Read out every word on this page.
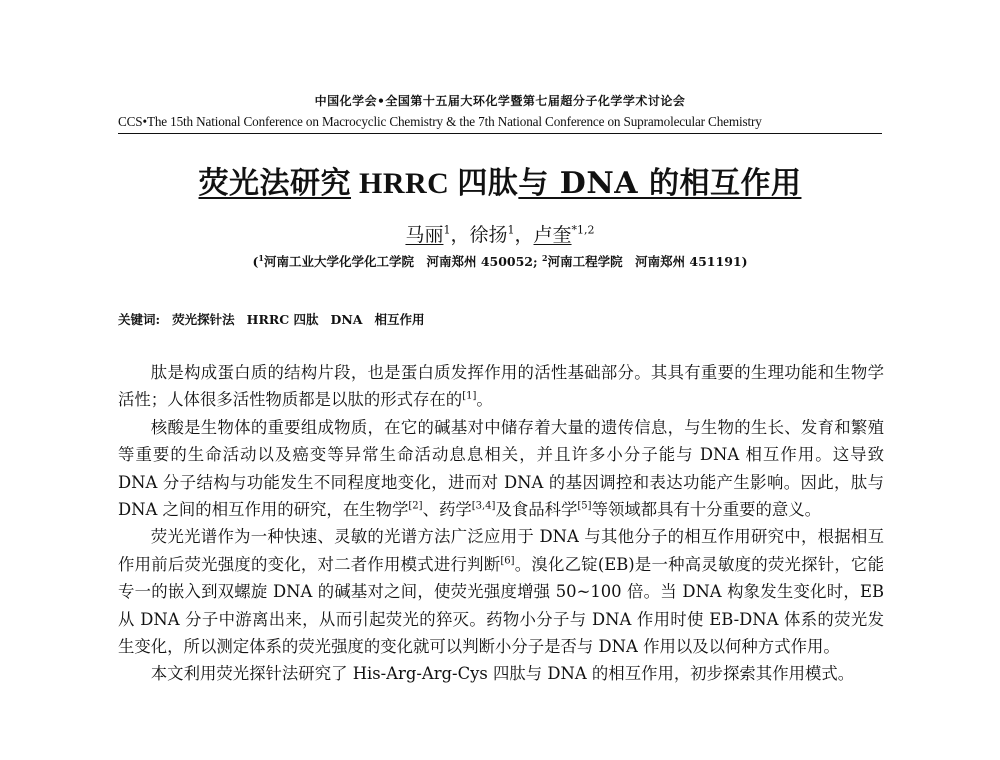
中国化学会•全国第十五届大环化学暨第七届超分子化学学术讨论会
CCS•The 15th National Conference on Macrocyclic Chemistry & the 7th National Conference on Supramolecular Chemistry
荧光法研究 HRRC 四肽与 DNA 的相互作用
马丽$^1$，徐扬$^1$，卢奎$^{*1,2}$
($^1$河南工业大学化学化工学院　河南郑州 450052; $^2$河南工程学院　河南郑州 451191)
关键词: 荧光探针法 HRRC 四肽 DNA 相互作用

肽是构成蛋白质的结构片段，也是蛋白质发挥作用的活性基础部分。其具有重要的生理功能和生物学活性；人体很多活性物质都是以肽的形式存在的[1]。

核酸是生物体的重要组成物质，在它的碱基对中储存着大量的遗传信息，与生物的生长、发育和繁殖等重要的生命活动以及癌变等异常生命活动息息相关，并且许多小分子能与 DNA 相互作用。这导致 DNA 分子结构与功能发生不同程度地变化，进而对 DNA 的基因调控和表达功能产生影响。因此，肽与 DNA 之间的相互作用的研究，在生物学[2]、药学[3,4]及食品科学[5]等领域都具有十分重要的意义。

荧光光谱作为一种快速、灵敏的光谱方法广泛应用于 DNA 与其他分子的相互作用研究中，根据相互作用前后荧光强度的变化，对二者作用模式进行判断[6]。溴化乙锭(EB)是一种高灵敏度的荧光探针，它能专一的嵌入到双螺旋 DNA 的碱基对之间，使荧光强度增强 50~100 倍。当 DNA 构象发生变化时，EB 从 DNA 分子中游离出来，从而引起荧光的猝灭。药物小分子与 DNA 作用时使 EB-DNA 体系的荧光发生变化，所以测定体系的荧光强度的变化就可以判断小分子是否与 DNA 作用以及以何种方式作用。

本文利用荧光探针法研究了 His-Arg-Arg-Cys 四肽与 DNA 的相互作用，初步探索其作用模式。
